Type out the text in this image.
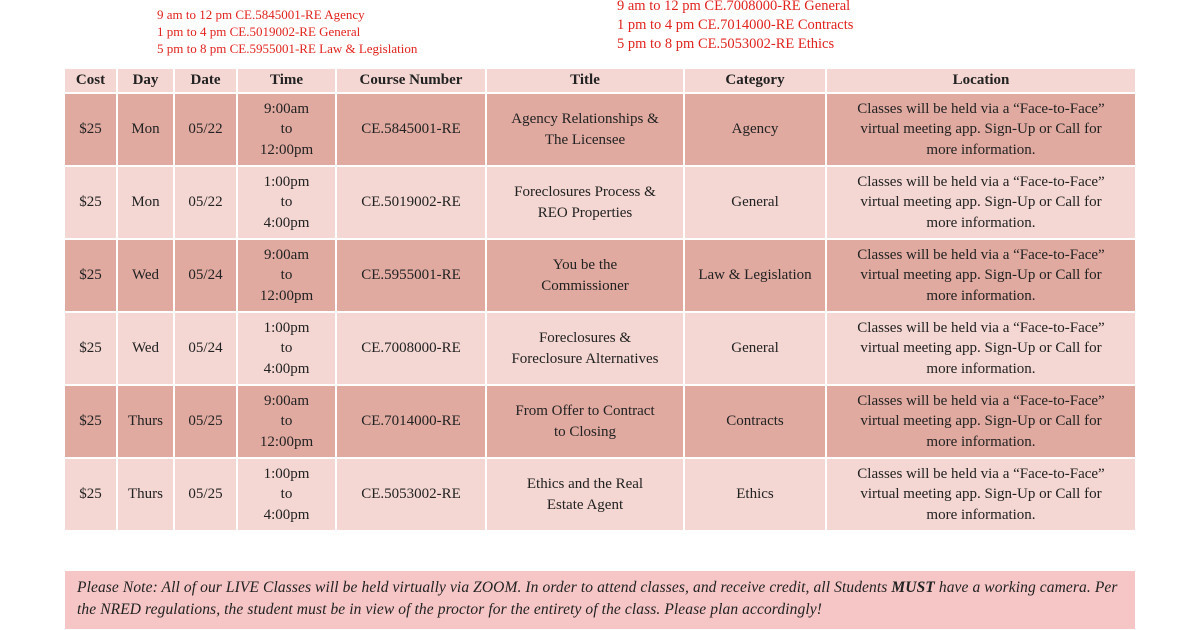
9 am to 12 pm CE.5845001-RE Agency
1 pm to 4 pm CE.5019002-RE General
5 pm to 8 pm CE.5955001-RE Law & Legislation
9 am to 12 pm CE.7008000-RE General
1 pm to 4 pm CE.7014000-RE Contracts
5 pm to 8 pm CE.5053002-RE Ethics
Cost	Day	Date	Time	Course Number	Title	Category	Location
$25	Mon	05/22	9:00am
to
12:00pm	CE.5845001-RE	Agency Relationships &
The Licensee	Agency	Classes will be held via a “Face-to-Face”
virtual meeting app. Sign-Up or Call for
more information.

$25	Mon	05/22	1:00pm
to
4:00pm	CE.5019002-RE	Foreclosures Process &
REO Properties	General	Classes will be held via a “Face-to-Face”
virtual meeting app. Sign-Up or Call for
more information.

$25	Wed	05/24	9:00am
to
12:00pm	CE.5955001-RE	You be the
Commissioner	Law & Legislation	Classes will be held via a “Face-to-Face”
virtual meeting app. Sign-Up or Call for
more information.

$25	Wed	05/24	1:00pm
to
4:00pm	CE.7008000-RE	Foreclosures &
Foreclosure Alternatives	General	Classes will be held via a “Face-to-Face”
virtual meeting app. Sign-Up or Call for
more information.

$25	Thurs	05/25	9:00am
to
12:00pm	CE.7014000-RE	From Offer to Contract
to Closing	Contracts	Classes will be held via a “Face-to-Face”
virtual meeting app. Sign-Up or Call for
more information.

$25	Thurs	05/25	1:00pm
to
4:00pm	CE.5053002-RE	Ethics and the Real
Estate Agent	Ethics	Classes will be held via a “Face-to-Face”
virtual meeting app. Sign-Up or Call for
more information.
Please Note: All of our LIVE Classes will be held virtually via ZOOM. In order to attend classes, and receive credit, all Students MUST have a working camera. Per the NRED regulations, the student must be in view of the proctor for the entirety of the class. Please plan accordingly!
